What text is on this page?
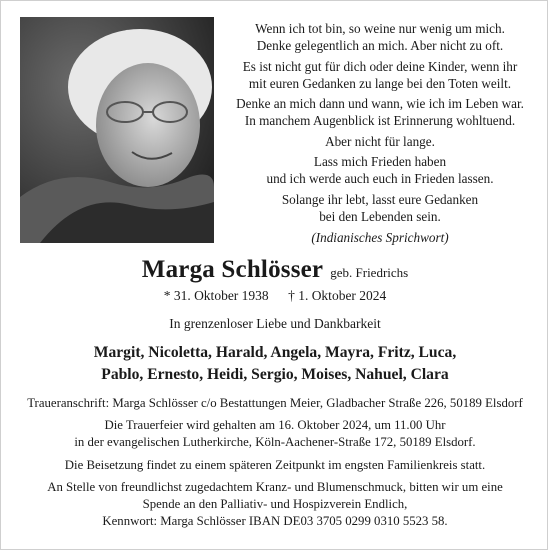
Wenn ich tot bin, so weine nur wenig um mich.
Denke gelegentlich an mich. Aber nicht zu oft.

Es ist nicht gut für dich oder deine Kinder, wenn ihr
mit euren Gedanken zu lange bei den Toten weilt.

Denke an mich dann und wann, wie ich im Leben war.
In manchem Augenblick ist Erinnerung wohltuend.

Aber nicht für lange.

Lass mich Frieden haben
und ich werde auch euch in Frieden lassen.

Solange ihr lebt, lasst eure Gedanken
bei den Lebenden sein.

(Indianisches Sprichwort)

Marga Schlösser geb. Friedrichs
* 31. Oktober 1938 † 1. Oktober 2024
In grenzenloser Liebe und Dankbarkeit
Margit, Nicoletta, Harald, Angela, Mayra, Fritz, Luca,
Pablo, Ernesto, Heidi, Sergio, Moises, Nahuel, Clara

Traueranschrift: Marga Schlösser c/o Bestattungen Meier, Gladbacher Straße 226, 50189 Elsdorf

Die Trauerfeier wird gehalten am 16. Oktober 2024, um 11.00 Uhr
in der evangelischen Lutherkirche, Köln-Aachener-Straße 172, 50189 Elsdorf.

Die Beisetzung findet zu einem späteren Zeitpunkt im engsten Familienkreis statt.

An Stelle von freundlichst zugedachtem Kranz- und Blumenschmuck, bitten wir um eine
Spende an den Palliativ- und Hospizverein Endlich,
Kennwort: Marga Schlösser IBAN DE03 3705 0299 0310 5523 58.
